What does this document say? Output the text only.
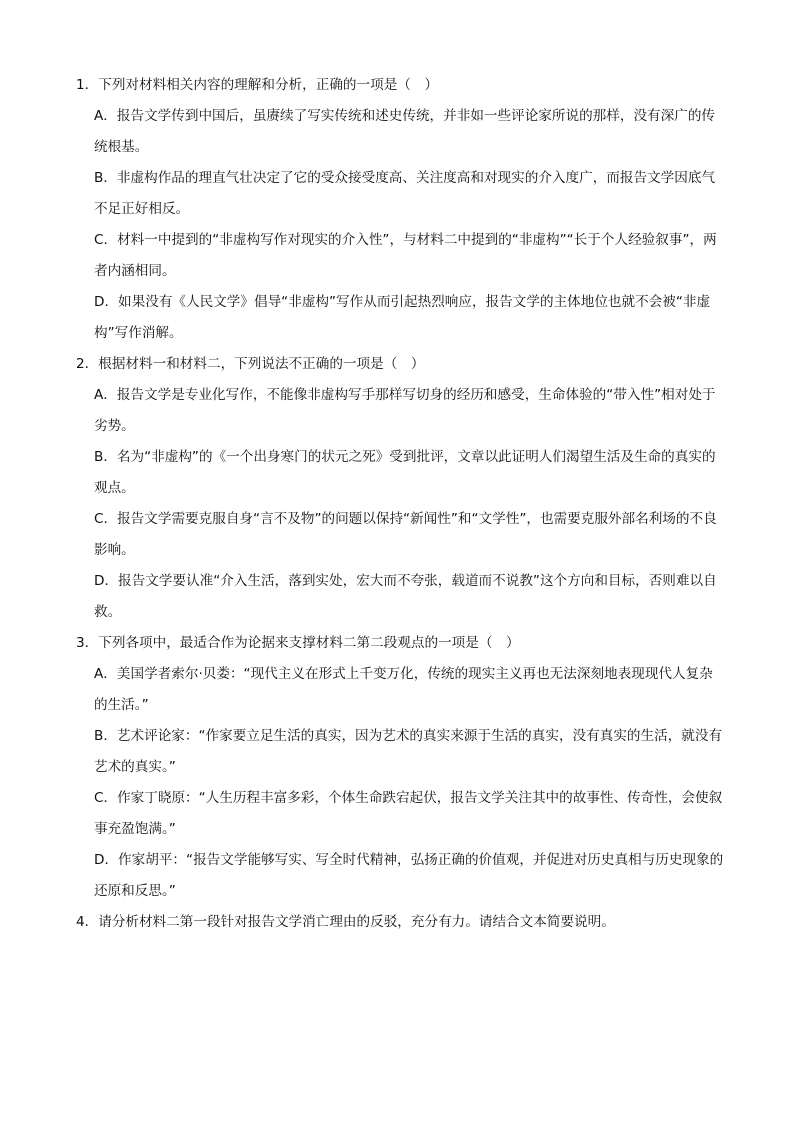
1．下列对材料相关内容的理解和分析，正确的一项是（　）
A．报告文学传到中国后，虽赓续了写实传统和述史传统，并非如一些评论家所说的那样，没有深广的传统根基。
B．非虚构作品的理直气壮决定了它的受众接受度高、关注度高和对现实的介入度广，而报告文学因底气不足正好相反。
C．材料一中提到的“非虚构写作对现实的介入性”，与材料二中提到的“非虚构”“长于个人经验叙事”，两者内涵相同。
D．如果没有《人民文学》倡导“非虚构”写作从而引起热烈响应，报告文学的主体地位也就不会被“非虚构”写作消解。
2．根据材料一和材料二，下列说法不正确的一项是（　）
A．报告文学是专业化写作，不能像非虚构写手那样写切身的经历和感受，生命体验的“带入性”相对处于劣势。
B．名为“非虚构”的《一个出身寒门的状元之死》受到批评，文章以此证明人们渴望生活及生命的真实的观点。
C．报告文学需要克服自身“言不及物”的问题以保持“新闻性”和“文学性”，也需要克服外部名利场的不良影响。
D．报告文学要认准“介入生活，落到实处，宏大而不夸张，载道而不说教”这个方向和目标，否则难以自救。
3．下列各项中，最适合作为论据来支撑材料二第二段观点的一项是（　）
A．美国学者索尔·贝娄：“现代主义在形式上千变万化，传统的现实主义再也无法深刻地表现现代人复杂的生活。”
B．艺术评论家：“作家要立足生活的真实，因为艺术的真实来源于生活的真实，没有真实的生活，就没有艺术的真实。”
C．作家丁晓原：“人生历程丰富多彩，个体生命跌宕起伏，报告文学关注其中的故事性、传奇性，会使叙事充盈饱满。”
D．作家胡平：“报告文学能够写实、写全时代精神，弘扬正确的价值观，并促进对历史真相与历史现象的还原和反思。”
4．请分析材料二第一段针对报告文学消亡理由的反驳，充分有力。请结合文本简要说明。
